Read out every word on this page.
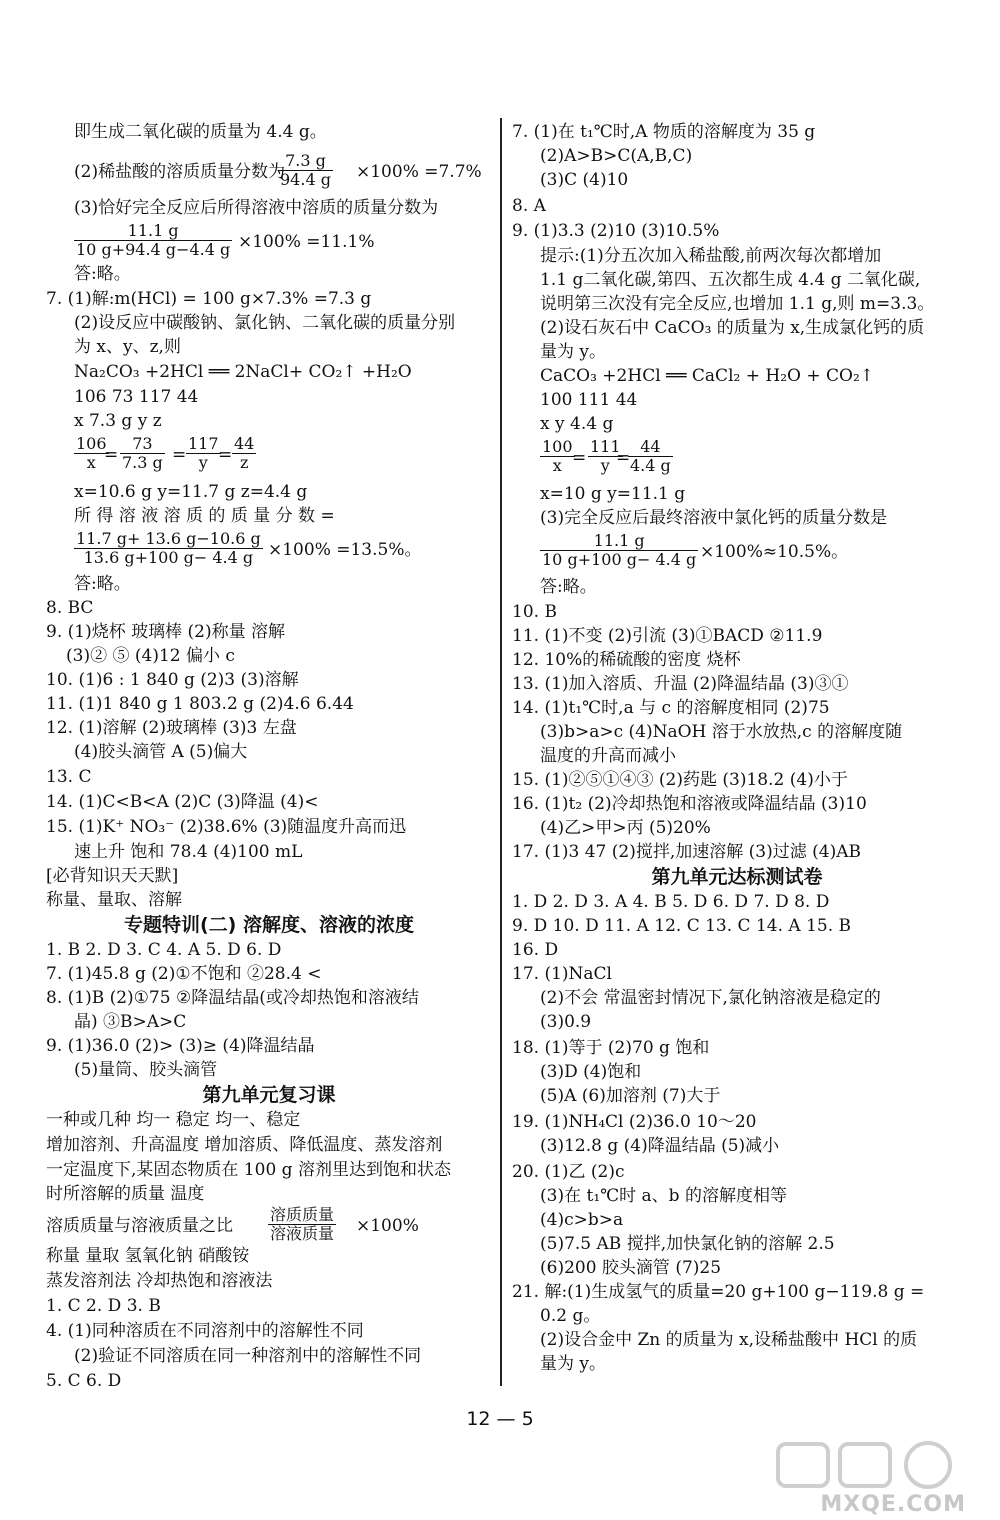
即生成二氧化碳的质量为 4.4 g。
(2)稀盐酸的溶质质量分数为
(3)恰好完全反应后所得溶液中溶质的质量分数为
答:略。
7. (1)解:m(HCl) = 100 g×7.3% =7.3 g
(2)设反应中碳酸钠、氯化钠、二氧化碳的质量分别
为 x、y、z,则
Na₂CO₃ +2HCl ══ 2NaCl+ CO₂↑ +H₂O
106 73 117 44
x 7.3 g y z
x=10.6 g y=11.7 g z=4.4 g
所 得 溶 液 溶 质 的 质 量 分 数 =
答:略。
8. BC
9. (1)烧杯 玻璃棒 (2)称量 溶解
(3)② ⑤ (4)12 偏小 c
10. (1)6 : 1 840 g (2)3 (3)溶解
11. (1)1 840 g 1 803.2 g (2)4.6 6.44
12. (1)溶解 (2)玻璃棒 (3)3 左盘
(4)胶头滴管 A (5)偏大
13. C
14. (1)C<B<A (2)C (3)降温 (4)<
15. (1)K⁺ NO₃⁻ (2)38.6% (3)随温度升高而迅
速上升 饱和 78.4 (4)100 mL
[必背知识天天默]
称量、量取、溶解
1. B 2. D 3. C 4. A 5. D 6. D
7. (1)45.8 g (2)①不饱和 ②28.4 <
8. (1)B (2)①75 ②降温结晶(或冷却热饱和溶液结
晶) ③B>A>C
9. (1)36.0 (2)> (3)≥ (4)降温结晶
(5)量筒、胶头滴管
一种或几种 均一 稳定 均一、稳定
增加溶剂、升高温度 增加溶质、降低温度、蒸发溶剂
一定温度下,某固态物质在 100 g 溶剂里达到饱和状态
时所溶解的质量 温度
溶质质量与溶液质量之比
称量 量取 氢氧化钠 硝酸铵
蒸发溶剂法 冷却热饱和溶液法
1. C 2. D 3. B
4. (1)同种溶质在不同溶剂中的溶解性不同
(2)验证不同溶质在同一种溶剂中的溶解性不同
5. C 6. D
专题特训(二) 溶解度、溶液的浓度
第九单元复习课
$\frac{7.3 g}{94.4 g} \times 100\% =7.7\%$
$\frac{11.1 g}{10 g+94.4 g-4.4 g} \times 100\% =11.1\%$
$\frac{106}{x} \frac{73}{7.3 g} \frac{117}{y} \frac{44}{z}$
$\frac{11.7 g+ 13.6 g-10.6 g}{13.6 g+100 g- 4.4 g} \times 100\% =13.5\%$。
溶质质量
溶液质量 ×100%
=	= =
7. (1)在 t₁℃时,A 物质的溶解度为 35 g
(2)A>B>C(A,B,C)
(3)C (4)10
8. A
9. (1)3.3 (2)10 (3)10.5%
提示:(1)分五次加入稀盐酸,前两次每次都增加
1.1 g二氧化碳,第四、五次都生成 4.4 g 二氧化碳,
说明第三次没有完全反应,也增加 1.1 g,则 m=3.3。
(2)设石灰石中 CaCO₃ 的质量为 x,生成氯化钙的质
量为 y。
CaCO₃ +2HCl ══ CaCl₂ + H₂O + CO₂↑
100 111 44
x y 4.4 g
x=10 g y=11.1 g
(3)完全反应后最终溶液中氯化钙的质量分数是
答:略。
10. B
11. (1)不变 (2)引流 (3)①BACD ②11.9
12. 10%的稀硫酸的密度 烧杯
13. (1)加入溶质、升温 (2)降温结晶 (3)③①
14. (1)t₁℃时,a 与 c 的溶解度相同 (2)75
(3)b>a>c (4)NaOH 溶于水放热,c 的溶解度随
温度的升高而减小
15. (1)②⑤①④③ (2)药匙 (3)18.2 (4)小于
16. (1)t₂ (2)冷却热饱和溶液或降温结晶 (3)10
(4)乙>甲>丙 (5)20%
17. (1)3 47 (2)搅拌,加速溶解 (3)过滤 (4)AB
1. D 2. D 3. A 4. B 5. D 6. D 7. D 8. D
9. D 10. D 11. A 12. C 13. C 14. A 15. B
16. D
17. (1)NaCl
(2)不会 常温密封情况下,氯化钠溶液是稳定的
(3)0.9
18. (1)等于 (2)70 g 饱和
(3)D (4)饱和
(5)A (6)加溶剂 (7)大于
19. (1)NH₄Cl (2)36.0 10～20
(3)12.8 g (4)降温结晶 (5)减小
20. (1)乙 (2)c
(3)在 t₁℃时 a、b 的溶解度相等
(4)c>b>a
(5)7.5 AB 搅拌,加快氯化钠的溶解 2.5
(6)200 胶头滴管 (7)25
21. 解:(1)生成氢气的质量=20 g+100 g−119.8 g =
0.2 g。
(2)设合金中 Zn 的质量为 x,设稀盐酸中 HCl 的质
量为 y。
第九单元达标测试卷
$\frac{100}{x} \frac{111}{y} \frac{44}{4.4 g}$
$\frac{11.1 g}{10 g+100 g- 4.4 g} \times 100\%\approx 10.5\%$。
= =
12 — 5
MXQE.COM
